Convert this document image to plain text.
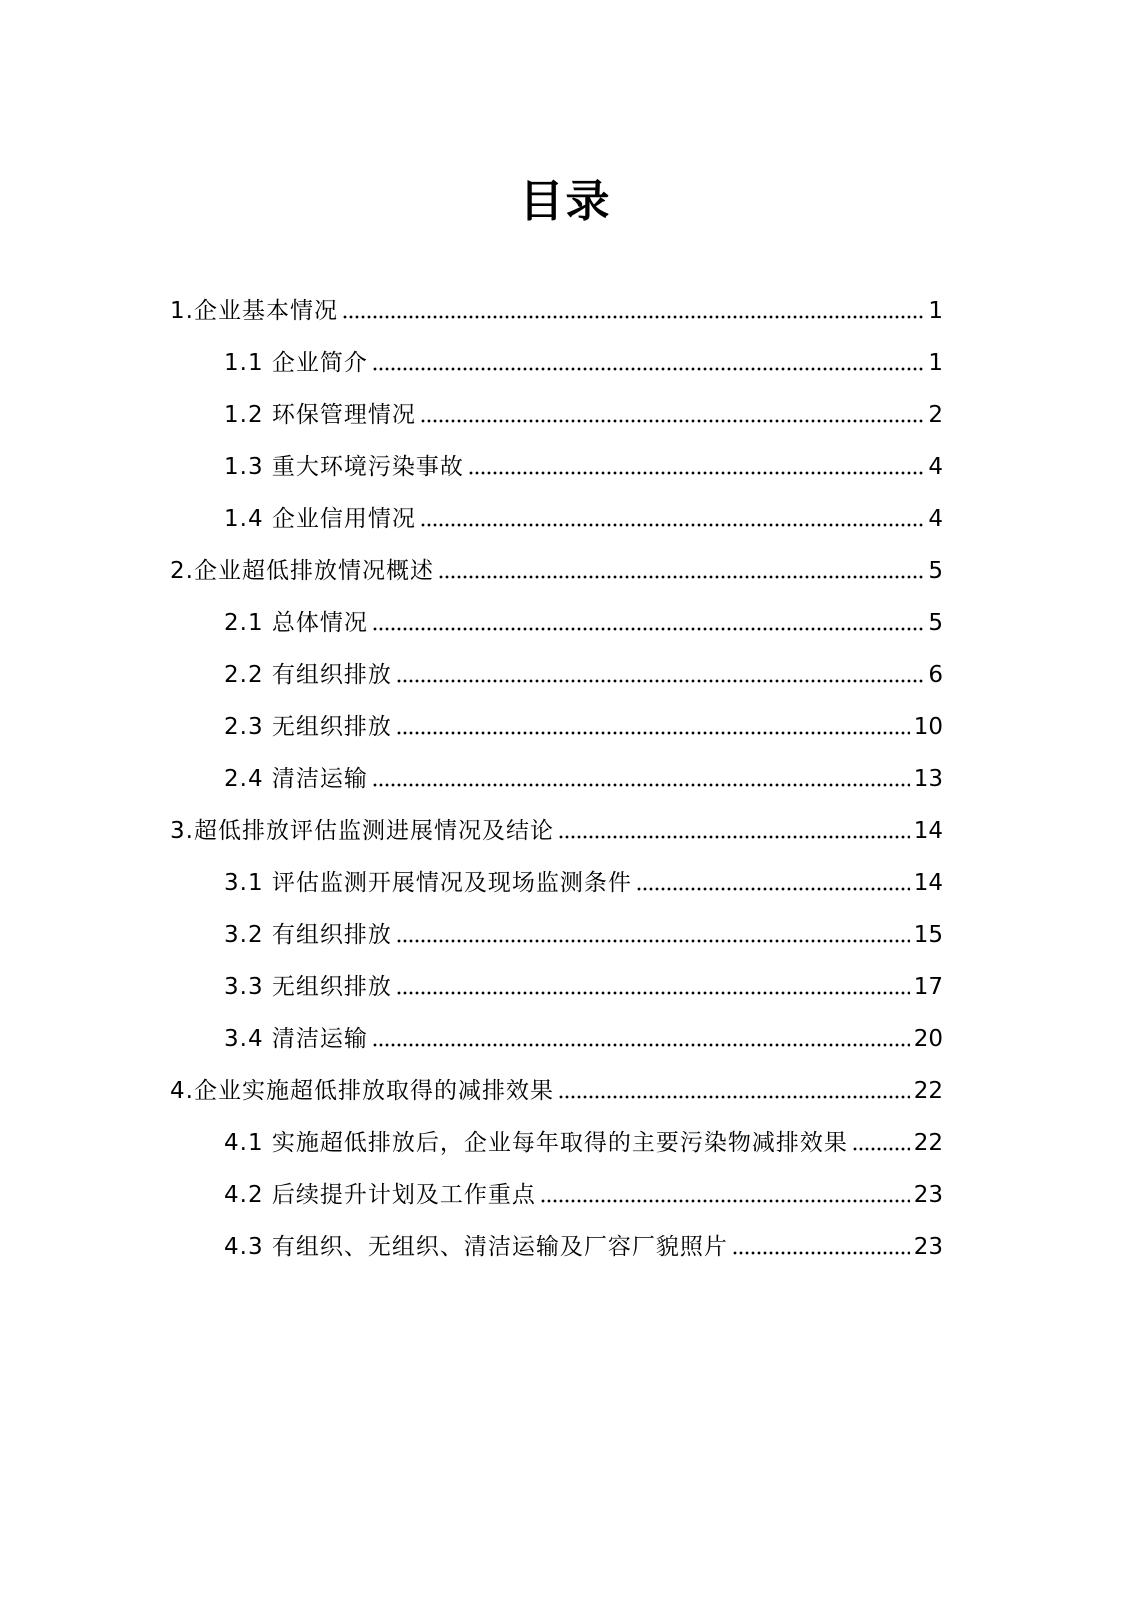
目录
1.企业基本情况	1
1.1 企业简介	1
1.2 环保管理情况	2
1.3 重大环境污染事故	4
1.4 企业信用情况	4
2.企业超低排放情况概述	5
2.1 总体情况	5
2.2 有组织排放	6
2.3 无组织排放	10
2.4 清洁运输	13
3.超低排放评估监测进展情况及结论	14
3.1 评估监测开展情况及现场监测条件	14
3.2 有组织排放	15
3.3 无组织排放	17
3.4 清洁运输	20
4.企业实施超低排放取得的减排效果	22
4.1 实施超低排放后，企业每年取得的主要污染物减排效果	22
4.2 后续提升计划及工作重点	23
4.3 有组织、无组织、清洁运输及厂容厂貌照片	23
